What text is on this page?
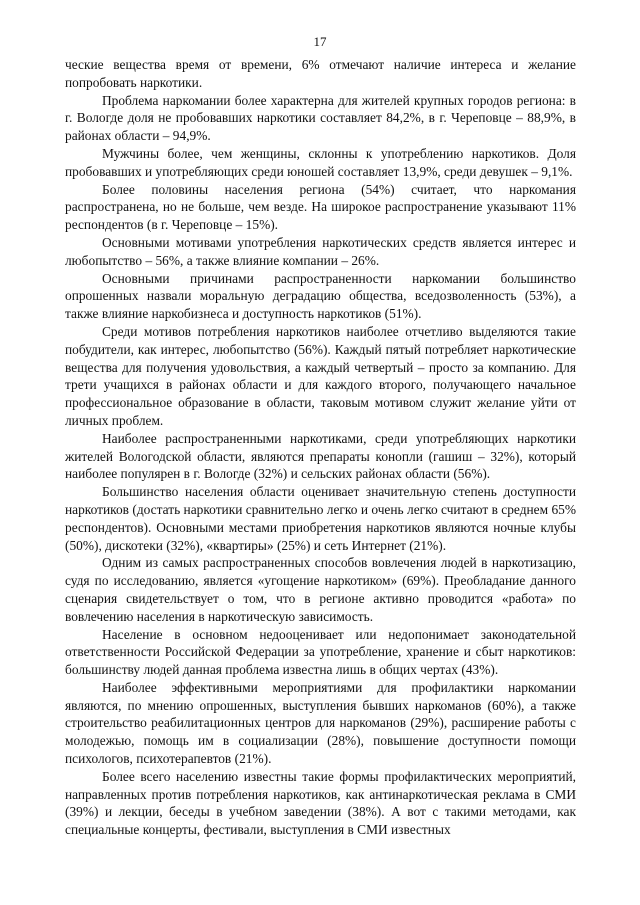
17

ческие вещества время от времени, 6% отмечают наличие интереса и желание попробовать наркотики.

Проблема наркомании более характерна для жителей крупных городов региона: в г. Вологде доля не пробовавших наркотики составляет 84,2%, в г. Череповце – 88,9%, в районах области – 94,9%.

Мужчины более, чем женщины, склонны к употреблению наркотиков. Доля пробовавших и употребляющих среди юношей составляет 13,9%, среди девушек – 9,1%.

Более половины населения региона (54%) считает, что наркомания распространена, но не больше, чем везде. На широкое распространение указывают 11% респондентов (в г. Череповце – 15%).

Основными мотивами употребления наркотических средств является интерес и любопытство – 56%, а также влияние компании – 26%.

Основными причинами распространенности наркомании большинство опрошенных назвали моральную деградацию общества, вседозволенность (53%), а также влияние наркобизнеса и доступность наркотиков (51%).

Среди мотивов потребления наркотиков наиболее отчетливо выделяются такие побудители, как интерес, любопытство (56%). Каждый пятый потребляет наркотические вещества для получения удовольствия, а каждый четвертый – просто за компанию. Для трети учащихся в районах области и для каждого второго, получающего начальное профессиональное образование в области, таковым мотивом служит желание уйти от личных проблем.

Наиболее распространенными наркотиками, среди употребляющих наркотики жителей Вологодской области, являются препараты конопли (гашиш – 32%), который наиболее популярен в г. Вологде (32%) и сельских районах области (56%).

Большинство населения области оценивает значительную степень доступности наркотиков (достать наркотики сравнительно легко и очень легко считают в среднем 65% респондентов). Основными местами приобретения наркотиков являются ночные клубы (50%), дискотеки (32%), «квартиры» (25%) и сеть Интернет (21%).

Одним из самых распространенных способов вовлечения людей в наркотизацию, судя по исследованию, является «угощение наркотиком» (69%). Преобладание данного сценария свидетельствует о том, что в регионе активно проводится «работа» по вовлечению населения в наркотическую зависимость.

Население в основном недооценивает или недопонимает законодательной ответственности Российской Федерации за употребление, хранение и сбыт наркотиков: большинству людей данная проблема известна лишь в общих чертах (43%).

Наиболее эффективными мероприятиями для профилактики наркомании являются, по мнению опрошенных, выступления бывших наркоманов (60%), а также строительство реабилитационных центров для наркоманов (29%), расширение работы с молодежью, помощь им в социализации (28%), повышение доступности помощи психологов, психотерапевтов (21%).

Более всего населению известны такие формы профилактических мероприятий, направленных против потребления наркотиков, как антинаркотическая реклама в СМИ (39%) и лекции, беседы в учебном заведении (38%). А вот с такими методами, как специальные концерты, фестивали, выступления в СМИ известных
